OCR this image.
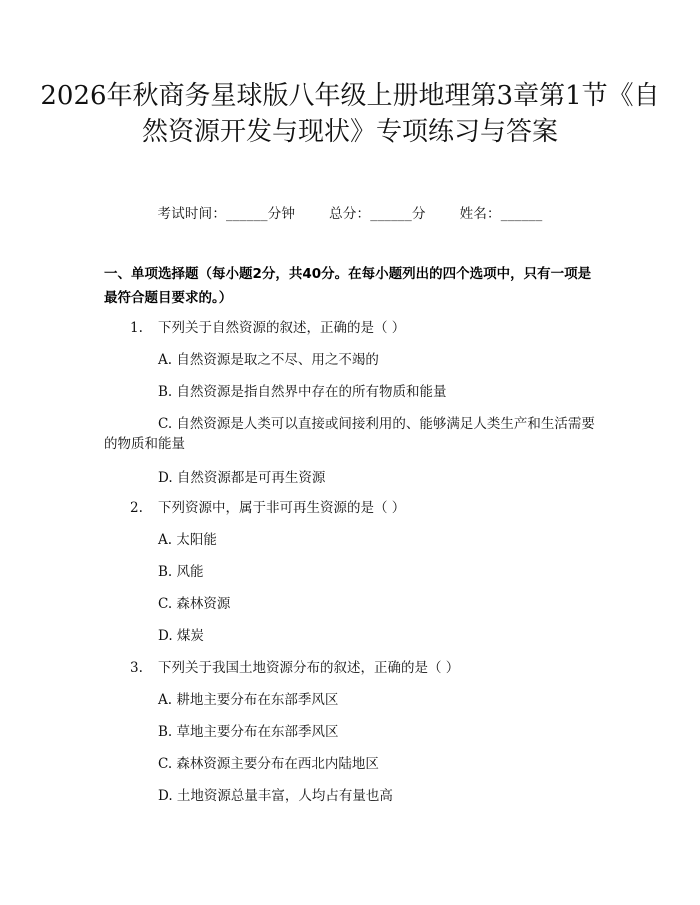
2026年秋商务星球版八年级上册地理第3章第1节《自然资源开发与现状》专项练习与答案
考试时间：______分钟	总分：______分	姓名：______
一、单项选择题（每小题2分，共40分。在每小题列出的四个选项中，只有一项是最符合题目要求的。）
1. 下列关于自然资源的叙述，正确的是（ ）
A. 自然资源是取之不尽、用之不竭的
B. 自然资源是指自然界中存在的所有物质和能量
C. 自然资源是人类可以直接或间接利用的、能够满足人类生产和生活需要的物质和能量
D. 自然资源都是可再生资源
2. 下列资源中，属于非可再生资源的是（ ）
A. 太阳能
B. 风能
C. 森林资源
D. 煤炭
3. 下列关于我国土地资源分布的叙述，正确的是（ ）
A. 耕地主要分布在东部季风区
B. 草地主要分布在东部季风区
C. 森林资源主要分布在西北内陆地区
D. 土地资源总量丰富，人均占有量也高
